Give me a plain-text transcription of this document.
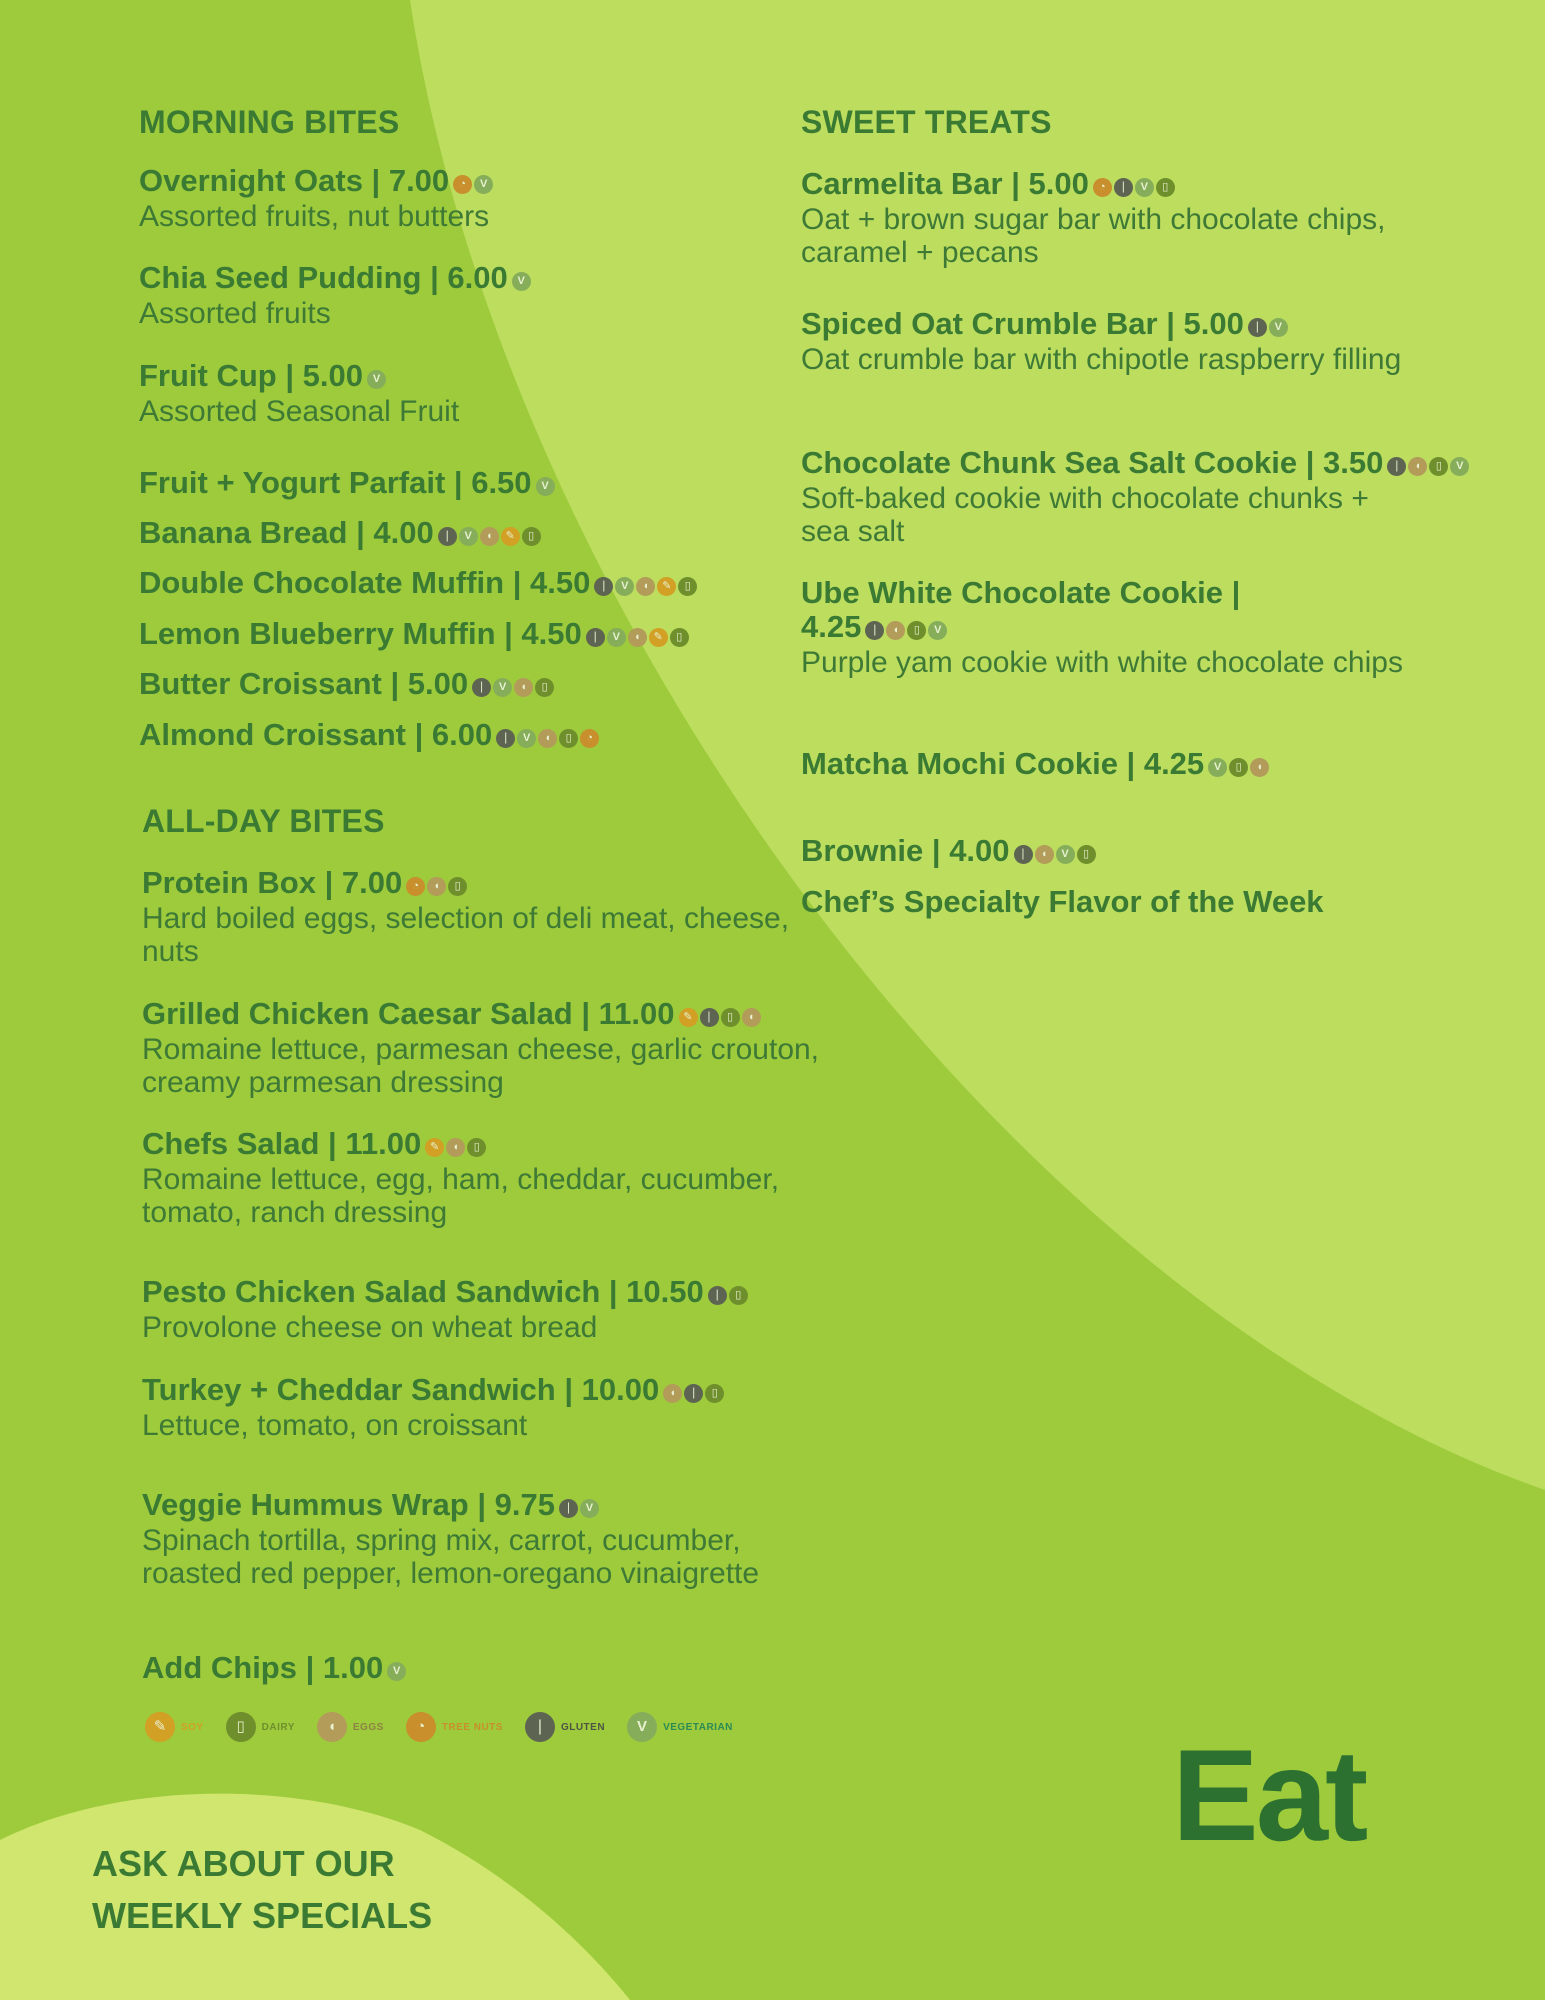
MORNING BITES
Overnight Oats | 7.00 ◔ V
Assorted fruits, nut butters
Chia Seed Pudding | 6.00 V
Assorted fruits
Fruit Cup | 5.00 V
Assorted Seasonal Fruit
Fruit + Yogurt Parfait | 6.50 V
Banana Bread | 4.00 ❘ V ◖ ✎ ▯
Double Chocolate Muffin | 4.50 ❘ V ◖ ✎ ▯
Lemon Blueberry Muffin | 4.50 ❘ V ◖ ✎ ▯
Butter Croissant | 5.00 ❘ V ◖ ▯
Almond Croissant | 6.00 ❘ V ◖ ▯ ◔
ALL-DAY BITES
Protein Box | 7.00 ◔ ◖ ▯
Hard boiled eggs, selection of deli meat, cheese, nuts
Grilled Chicken Caesar Salad | 11.00 ✎ ❘ ▯ ◖
Romaine lettuce, parmesan cheese, garlic crouton, creamy parmesan dressing
Chefs Salad | 11.00 ✎ ◖ ▯
Romaine lettuce, egg, ham, cheddar, cucumber, tomato, ranch dressing
Pesto Chicken Salad Sandwich | 10.50 ❘ ▯
Provolone cheese on wheat bread
Turkey + Cheddar Sandwich | 10.00 ◖ ❘ ▯
Lettuce, tomato, on croissant
Veggie Hummus Wrap | 9.75 ❘ V
Spinach tortilla, spring mix, carrot, cucumber, roasted red pepper, lemon-oregano vinaigrette
Add Chips | 1.00 V
SWEET TREATS
Carmelita Bar | 5.00 ◔ ❘ V ▯
Oat + brown sugar bar with chocolate chips, caramel + pecans
Spiced Oat Crumble Bar | 5.00 ❘ V
Oat crumble bar with chipotle raspberry filling
Chocolate Chunk Sea Salt Cookie | 3.50 ❘ ◖ ▯ V
Soft-baked cookie with chocolate chunks + sea salt
Ube White Chocolate Cookie | 4.25 ❘ ◖ ▯ V
Purple yam cookie with white chocolate chips
Matcha Mochi Cookie | 4.25 V ▯ ◖
Brownie | 4.00 ❘ ◖ V ▯
Chef’s Specialty Flavor of the Week
✎ SOY ▯ DAIRY ◖ EGGS ◔ TREE NUTS ❘ GLUTEN V VEGETARIAN	Eat
ASK ABOUT OUR
WEEKLY SPECIALS
